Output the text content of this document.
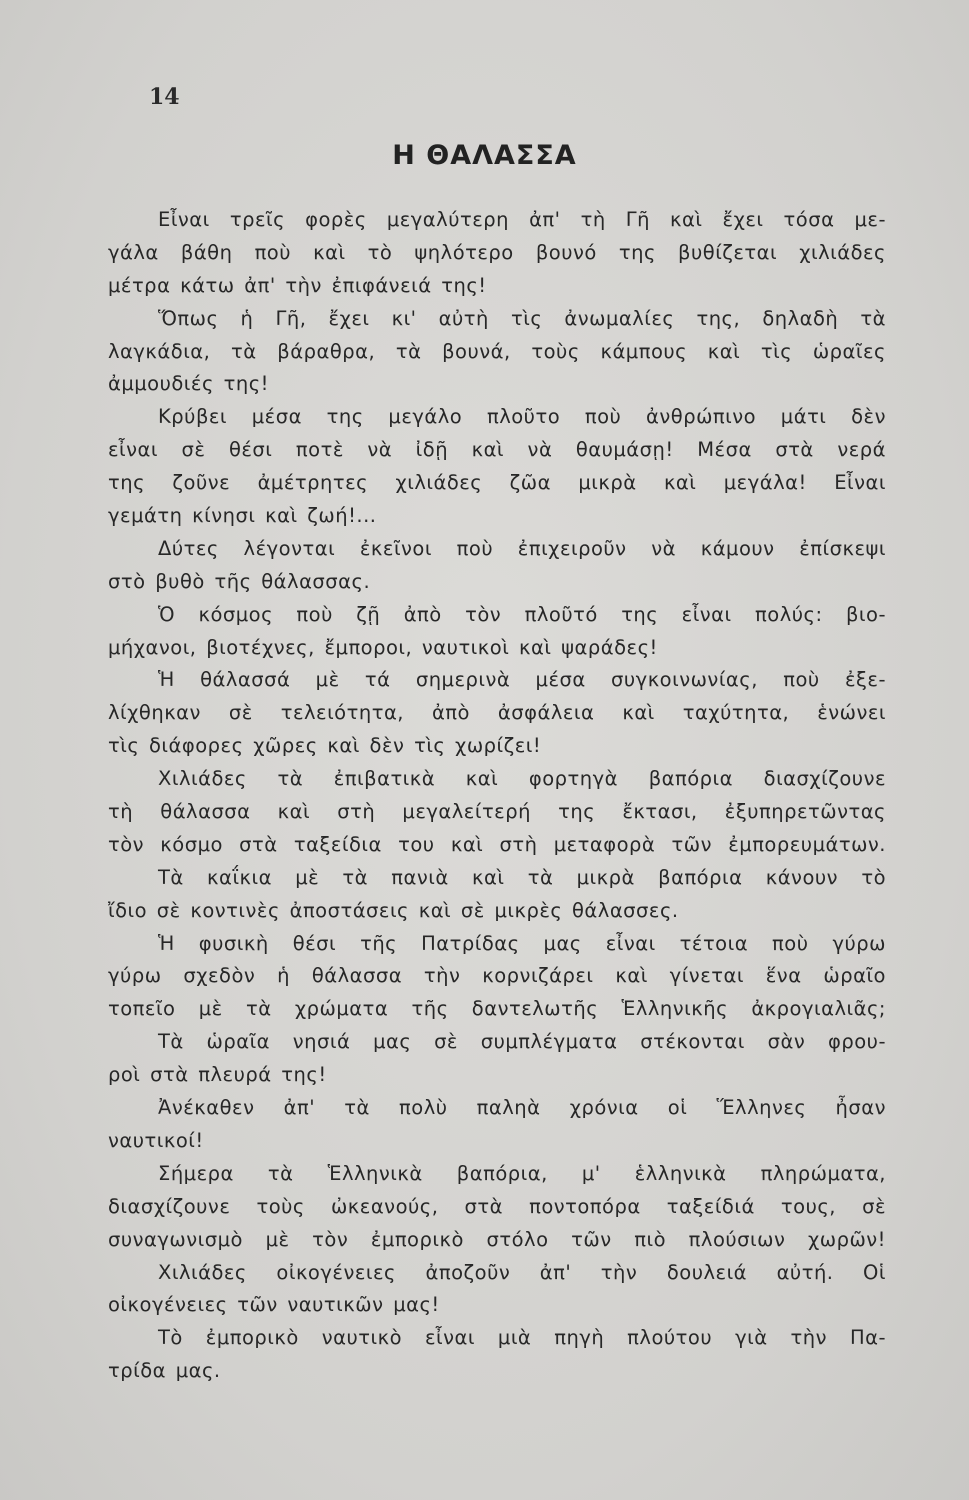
14
Η ΘΑΛΑΣΣΑ
Εἶναι τρεῖς φορὲς μεγαλύτερη ἀπ' τὴ Γῆ καὶ ἔχει τόσα με-
γάλα βάθη ποὺ καὶ τὸ ψηλότερο βουνό της βυθίζεται χιλιάδες
μέτρα κάτω ἀπ' τὴν ἐπιφάνειά της!
Ὅπως ἡ Γῆ, ἔχει κι' αὐτὴ τὶς ἀνωμαλίες της, δηλαδὴ τὰ
λαγκάδια, τὰ βάραθρα, τὰ βουνά, τοὺς κάμπους καὶ τὶς ὡραῖες
ἀμμουδιές της!
Κρύβει μέσα της μεγάλο πλοῦτο ποὺ ἀνθρώπινο μάτι δὲν
εἶναι σὲ θέσι ποτὲ νὰ ἰδῇ καὶ νὰ θαυμάσῃ! Μέσα στὰ νερά
της ζοῦνε ἀμέτρητες χιλιάδες ζῶα μικρὰ καὶ μεγάλα! Εἶναι
γεμάτη κίνησι καὶ ζωή!...
Δύτες λέγονται ἐκεῖνοι ποὺ ἐπιχειροῦν νὰ κάμουν ἐπίσκεψι
στὸ βυθὸ τῆς θάλασσας.
Ὁ κόσμος ποὺ ζῇ ἀπὸ τὸν πλοῦτό της εἶναι πολύς: βιο-
μήχανοι, βιοτέχνες, ἔμποροι, ναυτικοὶ καὶ ψαράδες!
Ἡ θάλασσά μὲ τά σημερινὰ μέσα συγκοινωνίας, ποὺ ἐξε-
λίχθηκαν σὲ τελειότητα, ἀπὸ ἀσφάλεια καὶ ταχύτητα, ἑνώνει
τὶς διάφορες χῶρες καὶ δὲν τὶς χωρίζει!
Χιλιάδες τὰ ἐπιβατικὰ καὶ φορτηγὰ βαπόρια διασχίζουνε
τὴ θάλασσα καὶ στὴ μεγαλείτερή της ἔκτασι, ἐξυπηρετῶντας
τὸν κόσμο στὰ ταξείδια του καὶ στὴ μεταφορὰ τῶν ἐμπορευμάτων.
Τὰ καΐκια μὲ τὰ πανιὰ καὶ τὰ μικρὰ βαπόρια κάνουν τὸ
ἴδιο σὲ κοντινὲς ἀποστάσεις καὶ σὲ μικρὲς θάλασσες.
Ἡ φυσικὴ θέσι τῆς Πατρίδας μας εἶναι τέτοια ποὺ γύρω
γύρω σχεδὸν ἡ θάλασσα τὴν κορνιζάρει καὶ γίνεται ἕνα ὡραῖο
τοπεῖο μὲ τὰ χρώματα τῆς δαντελωτῆς Ἑλληνικῆς ἀκρογιαλιᾶς;
Τὰ ὡραῖα νησιά μας σὲ συμπλέγματα στέκονται σὰν φρου-
ροὶ στὰ πλευρά της!
Ἀνέκαθεν ἀπ' τὰ πολὺ παληὰ χρόνια οἱ Ἕλληνες ἦσαν
ναυτικοί!
Σήμερα τὰ Ἑλληνικὰ βαπόρια, μ' ἑλληνικὰ πληρώματα,
διασχίζουνε τοὺς ὠκεανούς, στὰ ποντοπόρα ταξείδιά τους, σὲ
συναγωνισμὸ μὲ τὸν ἐμπορικὸ στόλο τῶν πιὸ πλούσιων χωρῶν!
Χιλιάδες οἰκογένειες ἀποζοῦν ἀπ' τὴν δουλειά αὐτή. Οἱ
οἰκογένειες τῶν ναυτικῶν μας!
Τὸ ἐμπορικὸ ναυτικὸ εἶναι μιὰ πηγὴ πλούτου γιὰ τὴν Πα-
τρίδα μας.
